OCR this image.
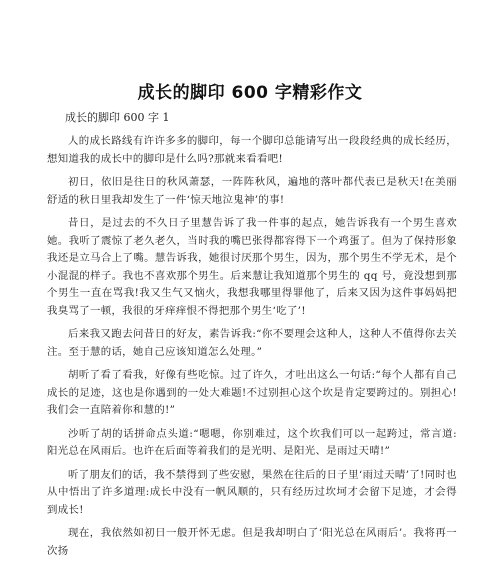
成长的脚印 600 字精彩作文

成长的脚印 600 字 1

人的成长路线有许许多多的脚印，每一个脚印总能请写出一段段经典的成长经历，想知道我的成长中的脚印是什么吗?那就来看看吧!

初日，依旧是往日的秋风萧瑟，一阵阵秋风，遍地的落叶都代表已是秋天!在美丽舒适的秋日里我却发生了一件‘惊天地泣鬼神’的事!

昔日，是过去的不久日子里慧告诉了我一件事的起点，她告诉我有一个男生喜欢她。我听了震惊了老久老久，当时我的嘴巴张得都容得下一个鸡蛋了。但为了保持形象我还是立马合上了嘴。慧告诉我，她很讨厌那个男生，因为，那个男生不学无术，是个小混混的样子。我也不喜欢那个男生。后来慧让我知道那个男生的 qq 号，竟没想到那个男生一直在骂我!我又生气又恼火，我想我哪里得罪他了，后来又因为这件事妈妈把我臭骂了一顿，我很的牙痒痒恨不得把那个男生‘吃了’!

后来我又跑去问昔日的好友，素告诉我:“你不要理会这种人，这种人不值得你去关注。至于慧的话，她自己应该知道怎么处理。”

胡听了看了看我，好像有些吃惊。过了许久，才吐出这么一句话:“每个人都有自己成长的足迹，这也是你遇到的一处大难题!不过别担心这个坎是肯定要跨过的。别担心!我们会一直陪着你和慧的!”

沙听了胡的话拼命点头道:“嗯嗯，你别难过，这个坎我们可以一起跨过，常言道:阳光总在风雨后。也许在后面等着我们的是光明、是阳光、是雨过天晴!”

听了朋友们的话，我不禁得到了些安慰，果然在往后的日子里‘雨过天晴’了!同时也从中悟出了许多道理:成长中没有一帆风顺的，只有经历过坎坷才会留下足迹，才会得到成长!

现在，我依然如初日一般开怀无虑。但是我却明白了‘阳光总在风雨后’。我将再一次扬
